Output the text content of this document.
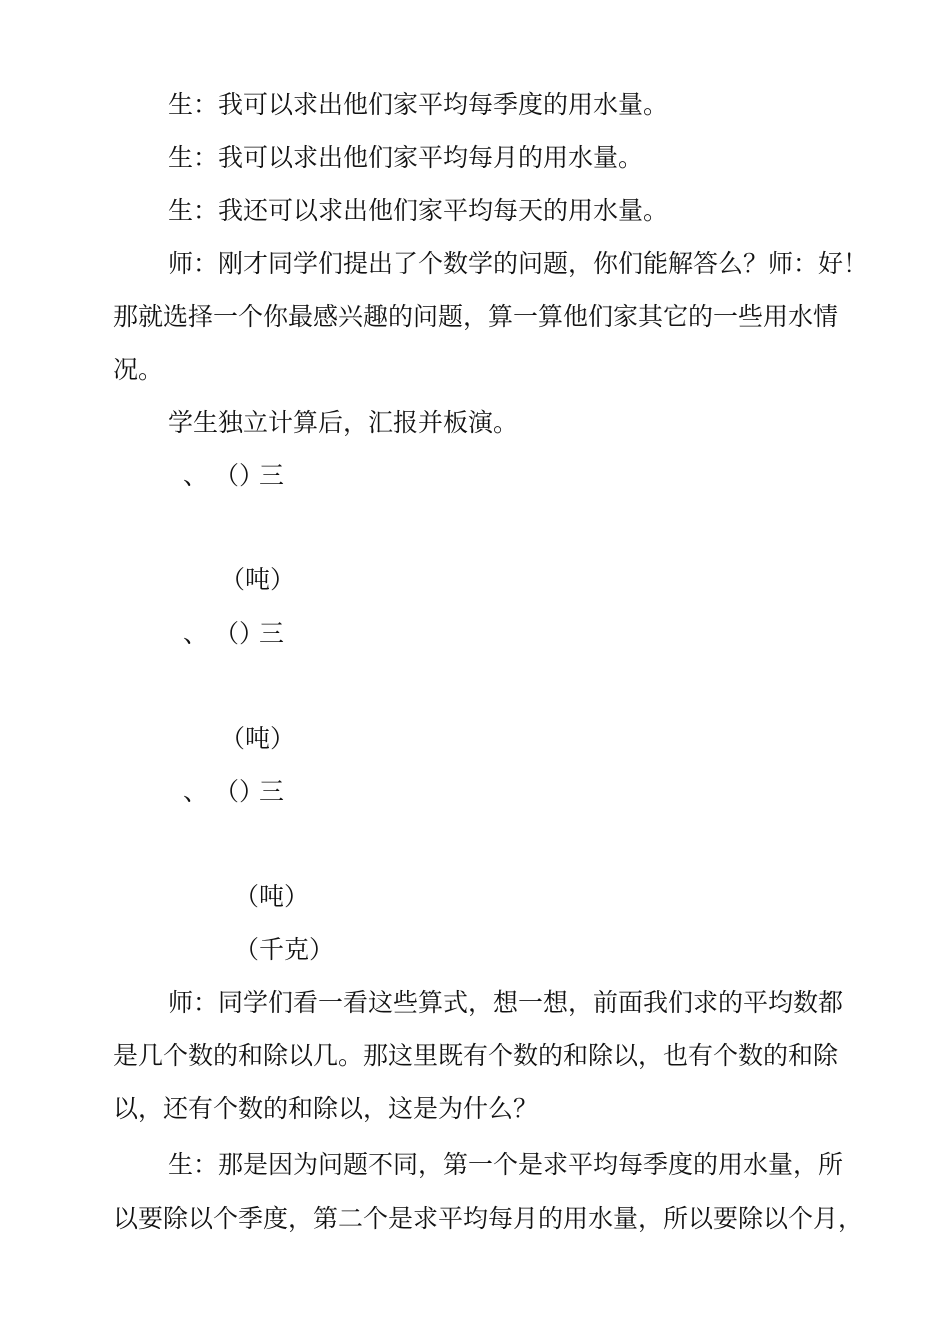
生：我可以求出他们家平均每季度的用水量。
生：我可以求出他们家平均每月的用水量。
生：我还可以求出他们家平均每天的用水量。
师：刚才同学们提出了个数学的问题，你们能解答么？师：好！
那就选择一个你最感兴趣的问题，算一算他们家其它的一些用水情
况。
学生独立计算后，汇报并板演。
、 （）
三
（吨）
、 （）
三
（吨）
、 （）
三
（吨）
（千克）
师：同学们看一看这些算式，想一想，前面我们求的平均数都
是几个数的和除以几。那这里既有个数的和除以，也有个数的和除
以，还有个数的和除以，这是为什么？
生：那是因为问题不同，第一个是求平均每季度的用水量，所
以要除以个季度，第二个是求平均每月的用水量，所以要除以个月，
